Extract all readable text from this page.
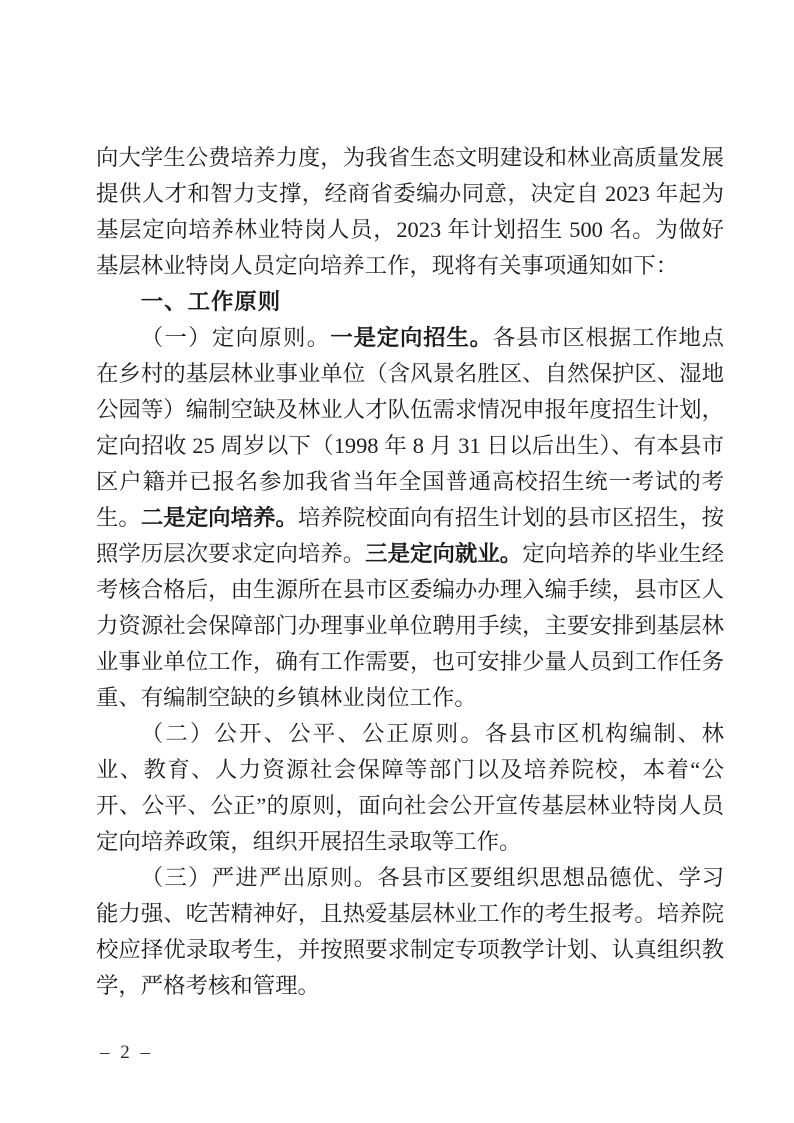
向大学生公费培养力度，为我省生态文明建设和林业高质量发展提供人才和智力支撑，经商省委编办同意，决定自 2023 年起为基层定向培养林业特岗人员，2023 年计划招生 500 名。为做好基层林业特岗人员定向培养工作，现将有关事项通知如下：

一、工作原则

（一）定向原则。一是定向招生。各县市区根据工作地点在乡村的基层林业事业单位（含风景名胜区、自然保护区、湿地公园等）编制空缺及林业人才队伍需求情况申报年度招生计划，定向招收 25 周岁以下（1998 年 8 月 31 日以后出生）、有本县市区户籍并已报名参加我省当年全国普通高校招生统一考试的考生。二是定向培养。培养院校面向有招生计划的县市区招生，按照学历层次要求定向培养。三是定向就业。定向培养的毕业生经考核合格后，由生源所在县市区委编办办理入编手续，县市区人力资源社会保障部门办理事业单位聘用手续，主要安排到基层林业事业单位工作，确有工作需要，也可安排少量人员到工作任务重、有编制空缺的乡镇林业岗位工作。

（二）公开、公平、公正原则。各县市区机构编制、林业、教育、人力资源社会保障等部门以及培养院校，本着“公开、公平、公正”的原则，面向社会公开宣传基层林业特岗人员定向培养政策，组织开展招生录取等工作。

（三）严进严出原则。各县市区要组织思想品德优、学习能力强、吃苦精神好，且热爱基层林业工作的考生报考。培养院校应择优录取考生，并按照要求制定专项教学计划、认真组织教学，严格考核和管理。

– 2 –
